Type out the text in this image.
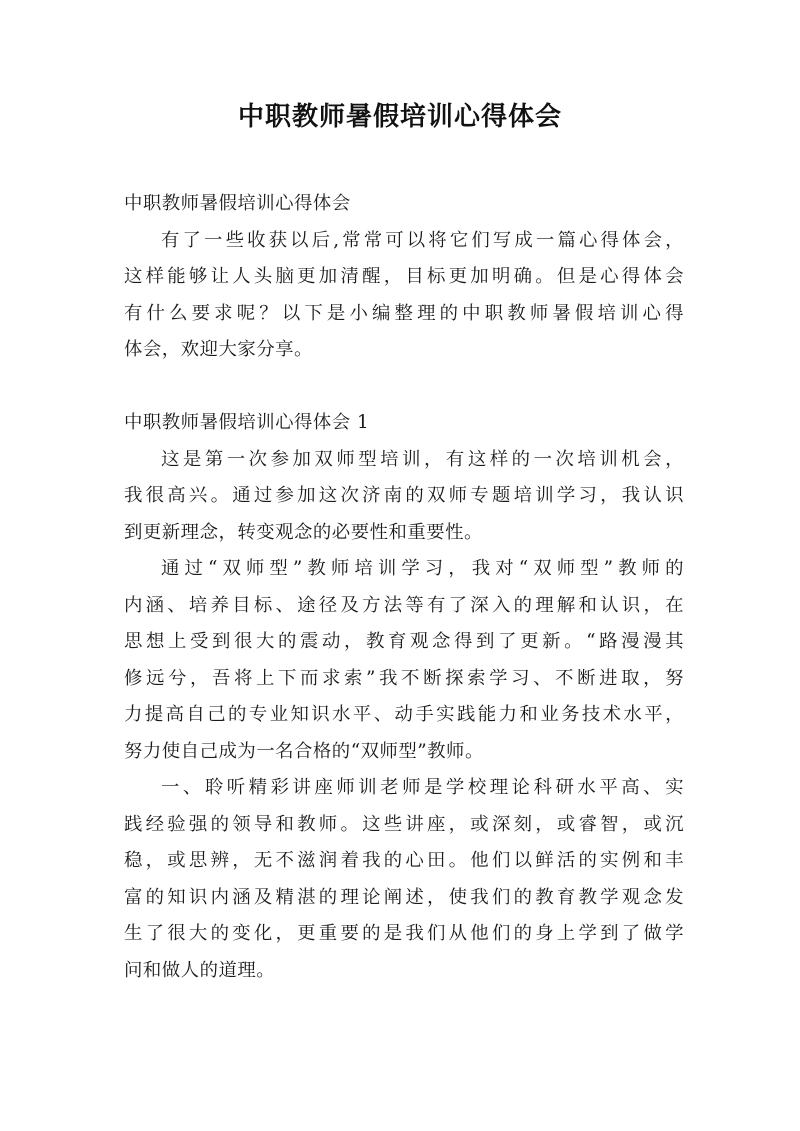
中职教师暑假培训心得体会

中职教师暑假培训心得体会

有了一些收获以后,常常可以将它们写成一篇心得体会，

这样能够让人头脑更加清醒，目标更加明确。但是心得体会

有什么要求呢？以下是小编整理的中职教师暑假培训心得

体会，欢迎大家分享。

中职教师暑假培训心得体会 1

这是第一次参加双师型培训，有这样的一次培训机会，

我很高兴。通过参加这次济南的双师专题培训学习，我认识

到更新理念，转变观念的必要性和重要性。

通过“双师型”教师培训学习，我对“双师型”教师的

内涵、培养目标、途径及方法等有了深入的理解和认识，在

思想上受到很大的震动，教育观念得到了更新。“路漫漫其

修远兮，吾将上下而求索”我不断探索学习、不断进取，努

力提高自己的专业知识水平、动手实践能力和业务技术水平，

努力使自己成为一名合格的“双师型”教师。

一、聆听精彩讲座师训老师是学校理论科研水平高、实

践经验强的领导和教师。这些讲座，或深刻，或睿智，或沉

稳，或思辨，无不滋润着我的心田。他们以鲜活的实例和丰

富的知识内涵及精湛的理论阐述，使我们的教育教学观念发

生了很大的变化，更重要的是我们从他们的身上学到了做学

问和做人的道理。
